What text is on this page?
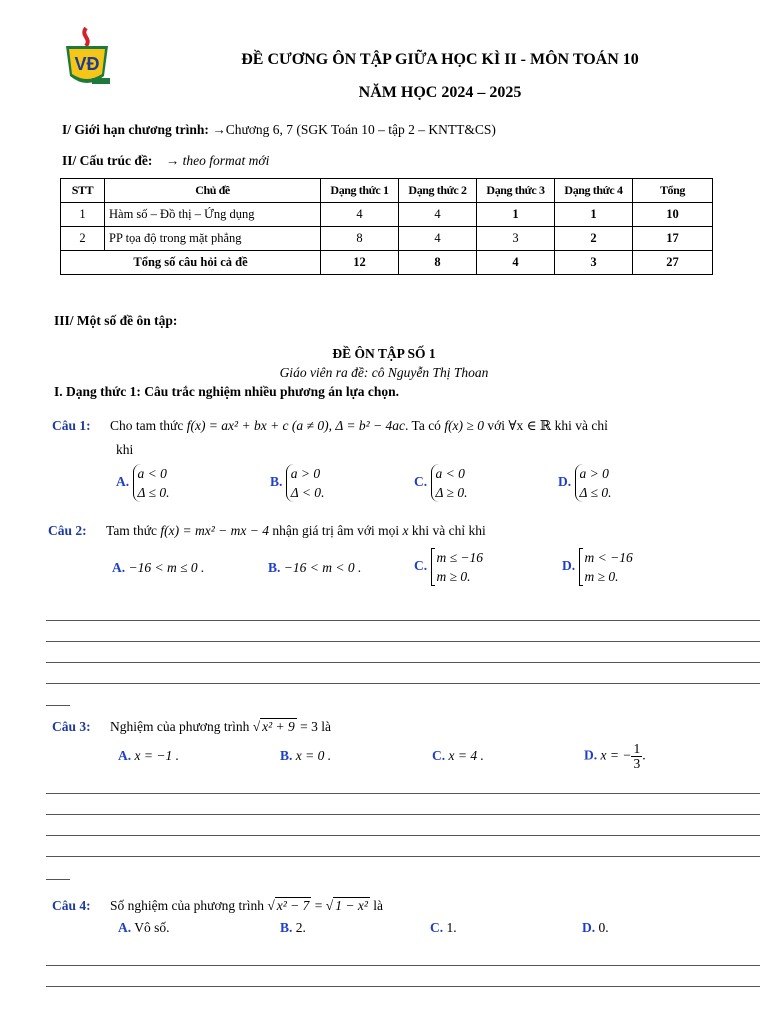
VĐ	ĐỀ CƯƠNG ÔN TẬP GIỮA HỌC KÌ II - MÔN TOÁN 10
NĂM HỌC 2024 – 2025
I/ Giới hạn chương trình: →Chương 6, 7 (SGK Toán 10 – tập 2 – KNTT&CS)
II/ Cấu trúc đề: → theo format mới
STT	Chủ đề	Dạng thức 1	Dạng thức 2	Dạng thức 3	Dạng thức 4	Tổng
1	Hàm số – Đồ thị – Ứng dụng	4	4	1	1	10
2	PP tọa độ trong mặt phẳng	8	4	3	2	17
Tổng số câu hỏi cả đề		12	8	4	3	27
III/ Một số đề ôn tập:
ĐỀ ÔN TẬP SỐ 1
Giáo viên ra đề: cô Nguyễn Thị Thoan
I. Dạng thức 1: Câu trắc nghiệm nhiều phương án lựa chọn.
Câu 1: Cho tam thức f(x) = ax² + bx + c (a ≠ 0), Δ = b² − 4ac. Ta có f(x) ≥ 0 với ∀x ∈ ℝ khi và chỉ
khi
A. a < 0
Δ ≤ 0.
B. a > 0
Δ < 0.
C. a < 0
Δ ≥ 0.
D. a > 0
Δ ≤ 0.
Câu 2: Tam thức f(x) = mx² − mx − 4 nhận giá trị âm với mọi x khi và chỉ khi
A. −16 < m ≤ 0 .	B. −16 < m < 0 .	C. m ≤ −16
m ≥ 0.
D. m < −16
m ≥ 0.
Câu 3: Nghiệm của phương trình √ x² + 9 = 3 là
A. x = −1 .	B. x = 0 .	C. x = 4 .	D. x = − $\frac{1}{3}$ .
Câu 4: Số nghiệm của phương trình √ x² − 7 = √ 1 − x² là
A. Vô số.	B. 2.	C. 1.	D. 0.
